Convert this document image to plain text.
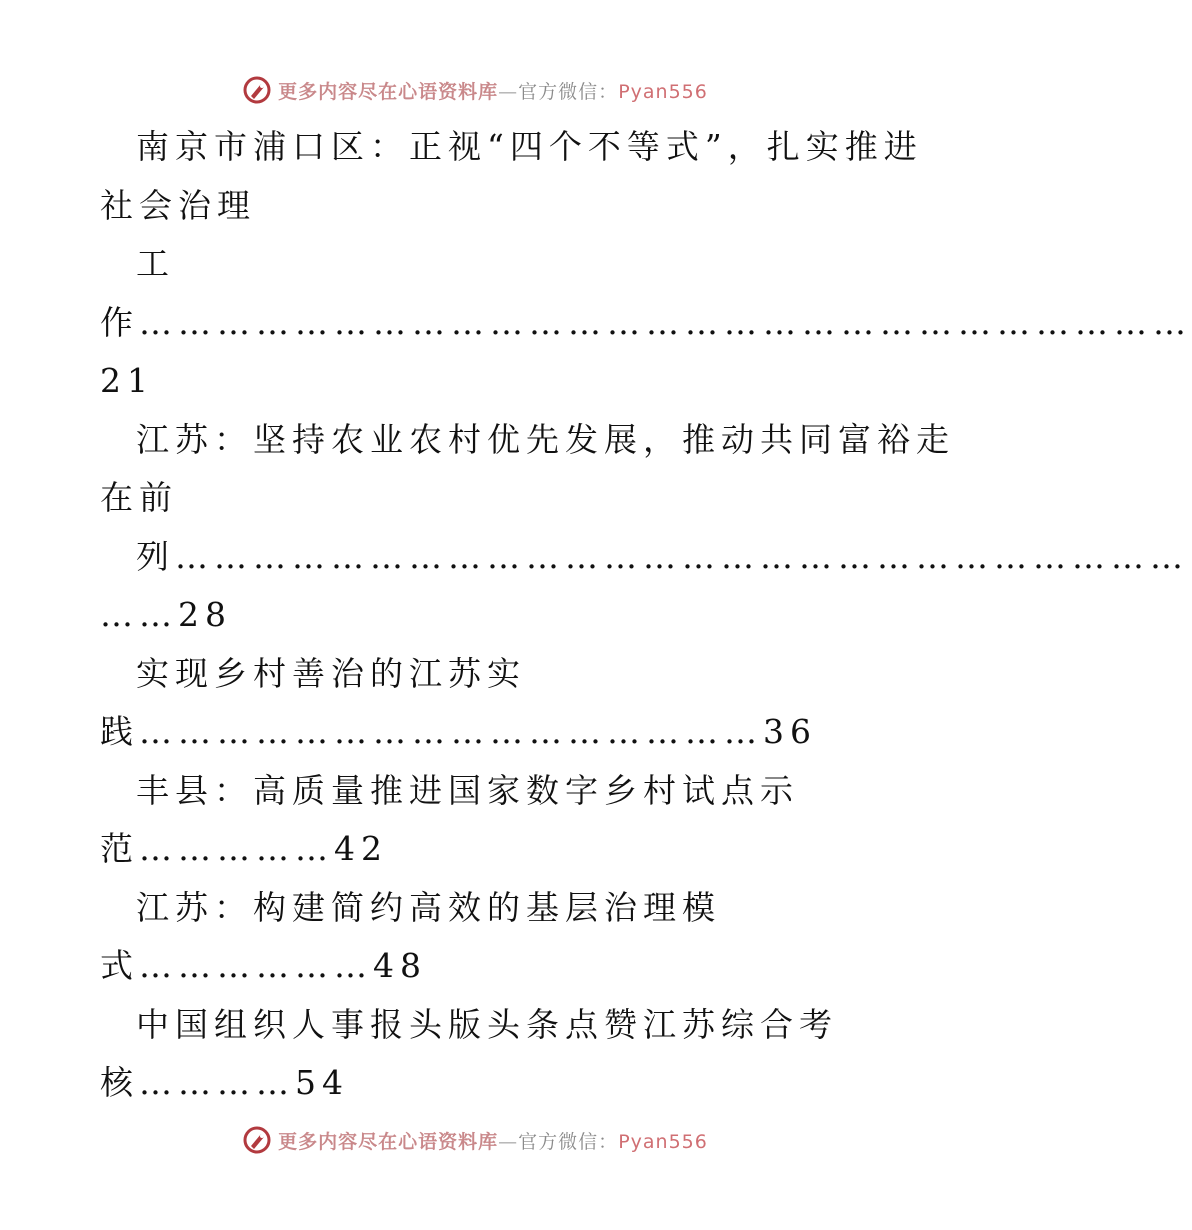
更多内容尽在心语资料库—官方微信：Pyan556
南京市浦口区：正视“四个不等式”，扎实推进
社会治理
工
作………………………………………………………………………
21
江苏：坚持农业农村优先发展，推动共同富裕走
在前
列……………………………………………………………………
……28
实现乡村善治的江苏实
践…………………………………………36
丰县：高质量推进国家数字乡村试点示
范……………42
江苏：构建简约高效的基层治理模
式………………48
中国组织人事报头版头条点赞江苏综合考
核…………54
更多内容尽在心语资料库—官方微信：Pyan556
